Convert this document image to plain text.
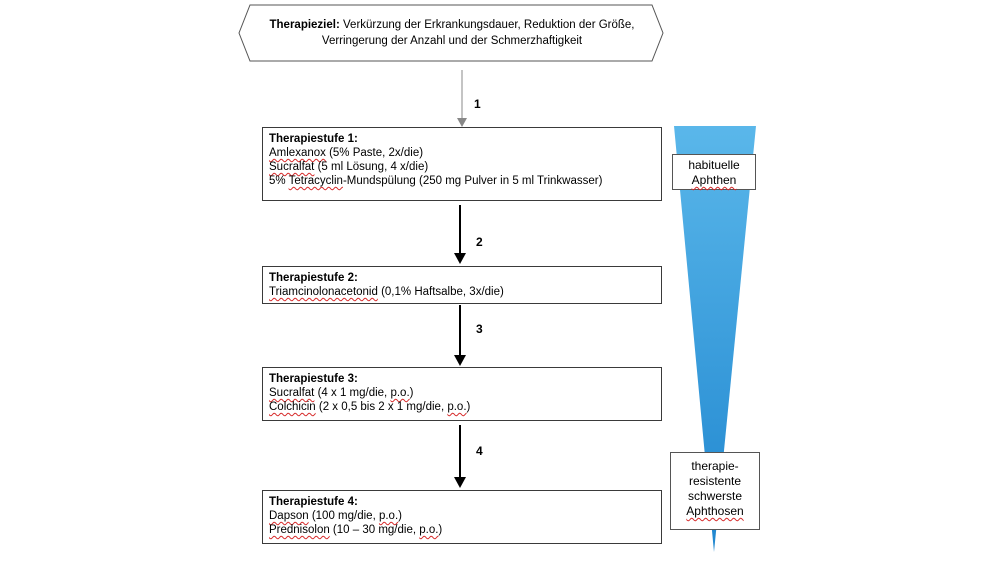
Therapieziel: Verkürzung der Erkrankungsdauer, Reduktion der Größe, Verringerung der Anzahl und der Schmerzhaftigkeit
1
2
3
4
Therapiestufe 1:
Amlexanox (5% Paste, 2x/die)
Sucralfat (5 ml Lösung, 4 x/die)
5% Tetracyclin-Mundspülung (250 mg Pulver in 5 ml Trinkwasser)
Therapiestufe 2:
Triamcinolonacetonid (0,1% Haftsalbe, 3x/die)
Therapiestufe 3:
Sucralfat (4 x 1 mg/die, p.o.)
Colchicin (2 x 0,5 bis 2 x 1 mg/die, p.o.)
Therapiestufe 4:
Dapson (100 mg/die, p.o.)
Prednisolon (10 – 30 mg/die, p.o.)
habituelle
Aphthen
therapie-
resistente
schwerste
Aphthosen
